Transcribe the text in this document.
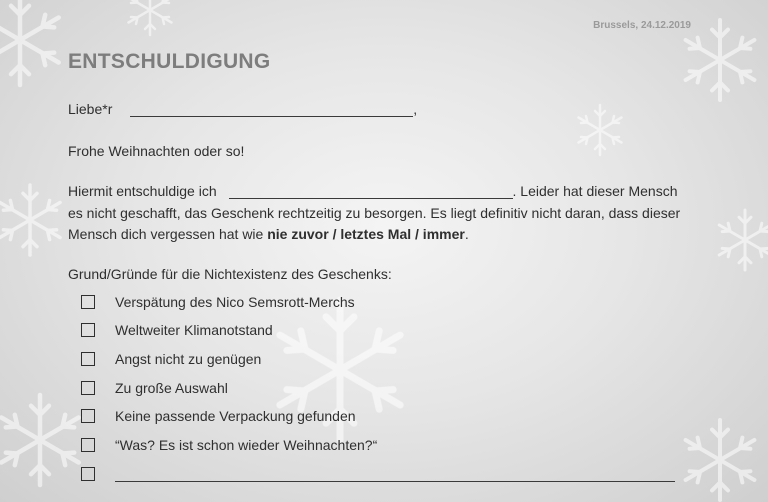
Brussels, 24.12.2019
ENTSCHULDIGUNG
Liebe*r	,
Frohe Weihnachten oder so!
Hiermit entschuldige ich	. Leider hat dieser Mensch
es nicht geschafft, das Geschenk rechtzeitig zu besorgen. Es liegt definitiv nicht daran, dass dieser
Mensch dich vergessen hat wie nie zuvor / letztes Mal / immer.
Grund/Gründe für die Nichtexistenz des Geschenks:
Verspätung des Nico Semsrott-Merchs
Weltweiter Klimanotstand
Angst nicht zu genügen
Zu große Auswahl
Keine passende Verpackung gefunden
“Was? Es ist schon wieder Weihnachten?“
